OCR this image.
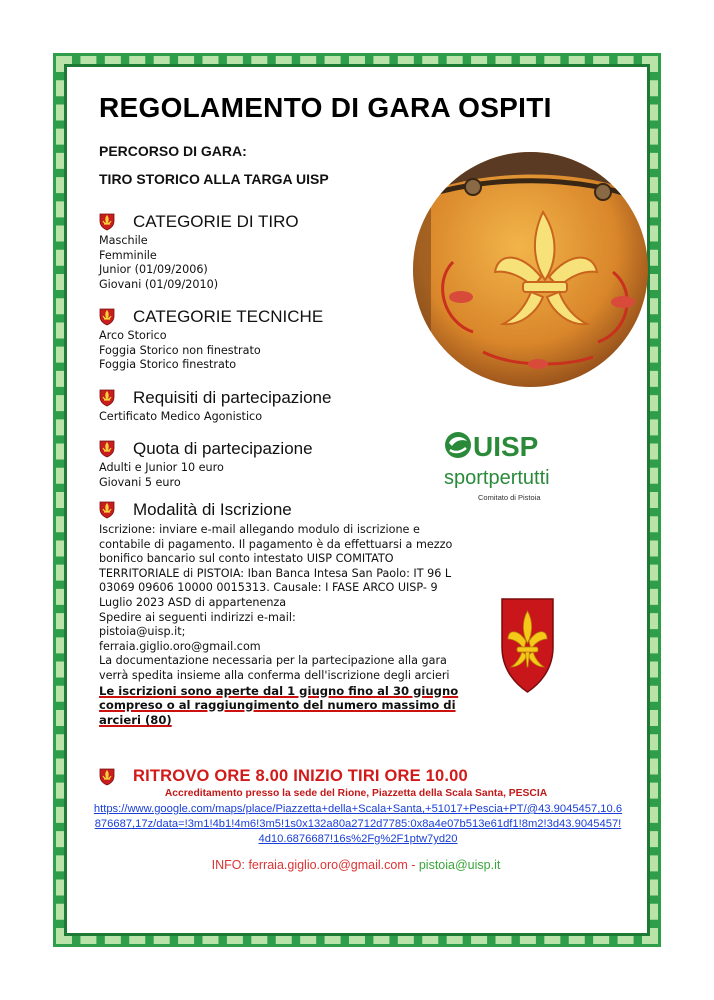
REGOLAMENTO DI GARA OSPITI
PERCORSO DI GARA:
TIRO STORICO ALLA TARGA UISP
CATEGORIE DI TIRO
Maschile
Femminile
Junior (01/09/2006)
Giovani (01/09/2010)
CATEGORIE TECNICHE
Arco Storico
Foggia Storico non finestrato
Foggia Storico finestrato
Requisiti di partecipazione
Certificato Medico Agonistico
Quota di partecipazione
Adulti e Junior 10 euro
Giovani 5 euro
UISP
sportpertutti
Comitato di Pistoia
Modalità di Iscrizione

Iscrizione: inviare e-mail allegando modulo di iscrizione e contabile di pagamento. Il pagamento è da effettuarsi a mezzo bonifico bancario sul conto intestato UISP COMITATO TERRITORIALE di PISTOIA: Iban Banca Intesa San Paolo: IT 96 L 03069 09606 10000 0015313. Causale: I FASE ARCO UISP- 9 Luglio 2023 ASD di appartenenza

Spedire ai seguenti indirizzi e-mail:

pistoia@uisp.it;

ferraia.giglio.oro@gmail.com

La documentazione necessaria per la partecipazione alla gara verrà spedita insieme alla conferma dell'iscrizione degli arcieri

Le iscrizioni sono aperte dal 1 giugno fino al 30 giugno compreso o al raggiungimento del numero massimo di arcieri (80)
RITROVO ORE 8.00 INIZIO TIRI ORE 10.00
Accreditamento presso la sede del Rione, Piazzetta della Scala Santa, PESCIA
https://www.google.com/maps/place/Piazzetta+della+Scala+Santa,+51017+Pescia+PT/@43.9045457,10.6876687,17z/data=!3m1!4b1!4m6!3m5!1s0x132a80a2712d7785:0x8a4e07b513e61df1!8m2!3d43.9045457!4d10.6876687!16s%2Fg%2F1ptw7yd20
INFO: ferraia.giglio.oro@gmail.com - pistoia@uisp.it
